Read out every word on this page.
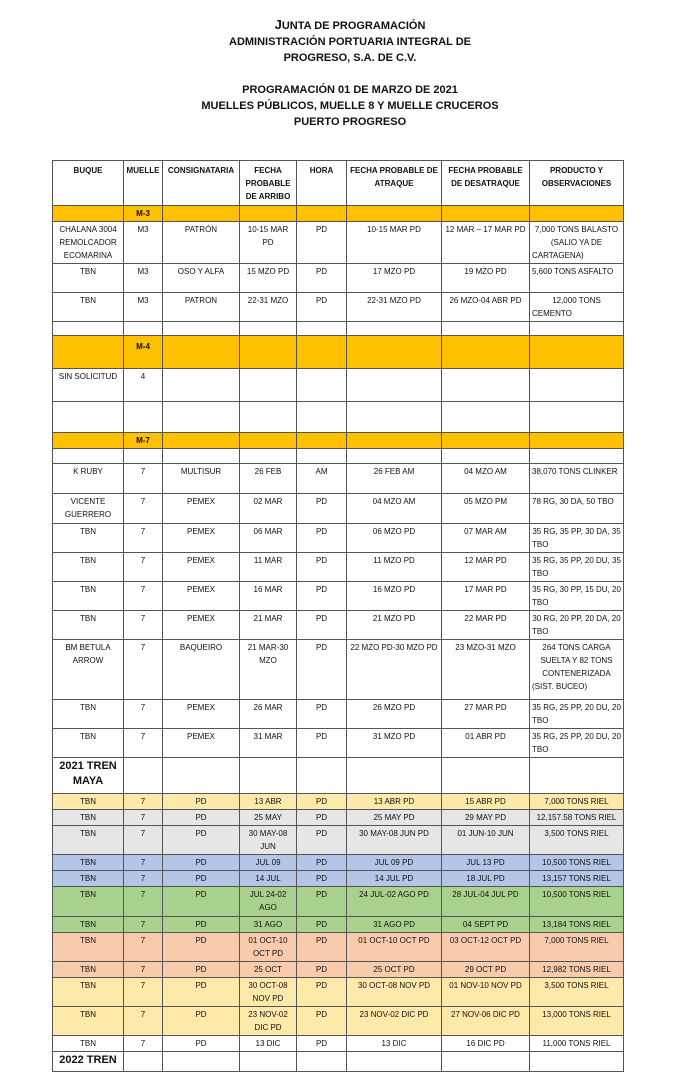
JUNTA DE PROGRAMACIÓN
ADMINISTRACIÓN PORTUARIA INTEGRAL DE
PROGRESO, S.A. DE C.V.
PROGRAMACIÓN 01 DE MARZO DE 2021
MUELLES PÚBLICOS, MUELLE 8 Y MUELLE CRUCEROS
PUERTO PROGRESO
BUQUE	MUELLE	CONSIGNATARIA	FECHA PROBABLE DE ARRIBO	HORA	FECHA PROBABLE DE ATRAQUE	FECHA PROBABLE DE DESATRAQUE	PRODUCTO Y OBSERVACIONES
	M-3						
CHALANA 3004 REMOLCADOR ECOMARINA	M3	PATRÓN	10-15 MAR PD	PD	10-15 MAR PD	12 MAR – 17 MAR PD	7,000 TONS BALASTO (SALIO YA DE CARTAGENA)
TBN	M3	OSO Y ALFA	15 MZO PD	PD	17 MZO PD	19 MZO PD	5,600 TONS ASFALTO
TBN	M3	PATRON	22-31 MZO	PD	22-31 MZO PD	26 MZO-04 ABR PD	12,000 TONS CEMENTO

	M-4						
SIN SOLICITUD	4						

	M-7						

K RUBY	7	MULTISUR	26 FEB	AM	26 FEB AM	04 MZO AM	38,070 TONS CLINKER
VICENTE GUERRERO	7	PEMEX	02 MAR	PD	04 MZO AM	05 MZO PM	78 RG, 30 DA, 50 TBO
TBN	7	PEMEX	06 MAR	PD	06 MZO PD	07 MAR AM	35 RG, 35 PP, 30 DA, 35 TBO
TBN	7	PEMEX	11 MAR	PD	11 MZO PD	12 MAR PD	35 RG, 35 PP, 20 DU, 35 TBO
TBN	7	PEMEX	16 MAR	PD	16 MZO PD	17 MAR PD	35 RG, 30 PP, 15 DU, 20 TBO
TBN	7	PEMEX	21 MAR	PD	21 MZO PD	22 MAR PD	30 RG, 20 PP, 20 DA, 20 TBO
BM BETULA ARROW	7	BAQUEIRO	21 MAR-30 MZO	PD	22 MZO PD-30 MZO PD	23 MZO-31 MZO	264 TONS CARGA SUELTA Y 82 TONS CONTENERIZADA (SIST. BUCEO)
TBN	7	PEMEX	26 MAR	PD	26 MZO PD	27 MAR PD	35 RG, 25 PP, 20 DU, 20 TBO
TBN	7	PEMEX	31 MAR	PD	31 MZO PD	01 ABR PD	35 RG, 25 PP, 20 DU, 20 TBO
2021 TREN MAYA							
TBN	7	PD	13 ABR	PD	13 ABR PD	15 ABR PD	7,000 TONS RIEL
TBN	7	PD	25 MAY	PD	25 MAY PD	29 MAY PD	12,157.58 TONS RIEL
TBN	7	PD	30 MAY-08 JUN	PD	30 MAY-08 JUN PD	01 JUN-10 JUN	3,500 TONS RIEL
TBN	7	PD	JUL 09	PD	JUL 09 PD	JUL 13 PD	10,500 TONS RIEL
TBN	7	PD	14 JUL	PD	14 JUL PD	18 JUL PD	13,157 TONS RIEL
TBN	7	PD	JUL 24-02 AGO	PD	24 JUL-02 AGO PD	28 JUL-04 JUL PD	10,500 TONS RIEL
TBN	7	PD	31 AGO	PD	31 AGO PD	04 SEPT PD	13,184 TONS RIEL
TBN	7	PD	01 OCT-10 OCT PD	PD	01 OCT-10 OCT PD	03 OCT-12 OCT PD	7,000 TONS RIEL
TBN	7	PD	25 OCT	PD	25 OCT PD	29 OCT PD	12,982 TONS RIEL
TBN	7	PD	30 OCT-08 NOV PD	PD	30 OCT-08 NOV PD	01 NOV-10 NOV PD	3,500 TONS RIEL
TBN	7	PD	23 NOV-02 DIC PD	PD	23 NOV-02 DIC PD	27 NOV-06 DIC PD	13,000 TONS RIEL
TBN	7	PD	13 DIC	PD	13 DIC	16 DIC PD	11,000 TONS RIEL
2022 TREN							
